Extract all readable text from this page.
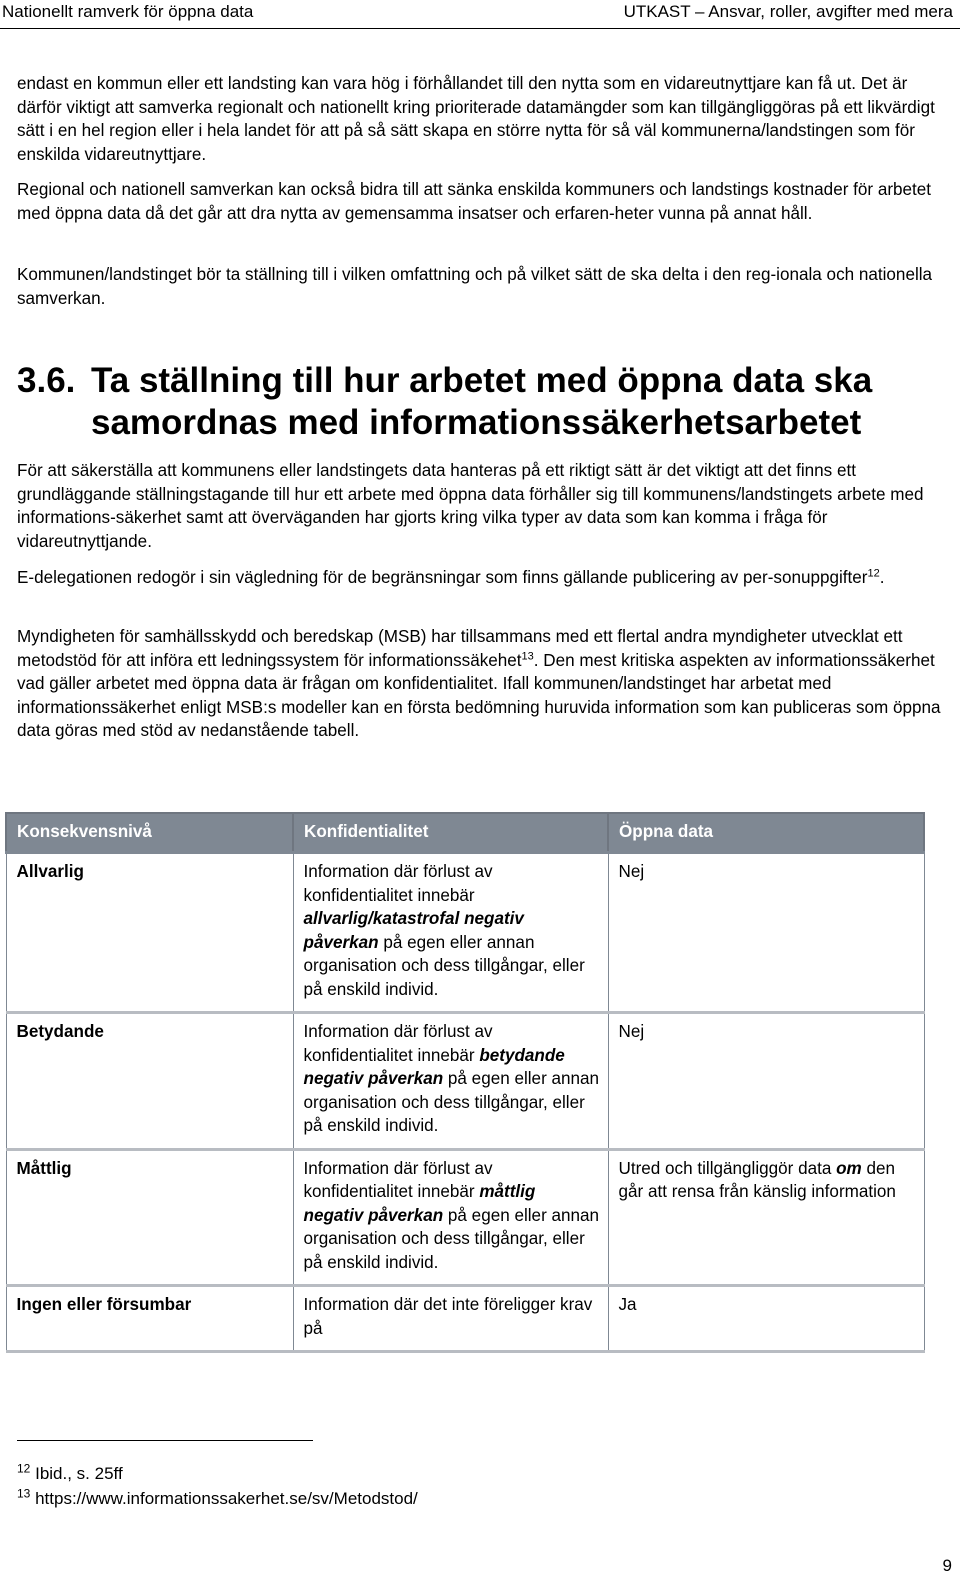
Nationellt ramverk för öppna data	UTKAST – Ansvar, roller, avgifter med mera

endast en kommun eller ett landsting kan vara hög i förhållandet till den nytta som en vidareutnyttjare kan få ut. Det är därför viktigt att samverka regionalt och nationellt kring prioriterade datamängder som kan tillgängliggöras på ett likvärdigt sätt i en hel region eller i hela landet för att på så sätt skapa en större nytta för så väl kommunerna/landstingen som för enskilda vidareutnyttjare.

Regional och nationell samverkan kan också bidra till att sänka enskilda kommuners och landstings kostnader för arbetet med öppna data då det går att dra nytta av gemensamma insatser och erfaren-heter vunna på annat håll.

Kommunen/landstinget bör ta ställning till i vilken omfattning och på vilket sätt de ska delta i den reg-ionala och nationella samverkan.

För att säkerställa att kommunens eller landstingets data hanteras på ett riktigt sätt är det viktigt att det finns ett grundläggande ställningstagande till hur ett arbete med öppna data förhåller sig till kommunens/landstingets arbete med informations-säkerhet samt att överväganden har gjorts kring vilka typer av data som kan komma i fråga för vidareutnyttjande.

E-delegationen redogör i sin vägledning för de begränsningar som finns gällande publicering av per-sonuppgifter$^{12}$.

Myndigheten för samhällsskydd och beredskap (MSB) har tillsammans med ett flertal andra myndigheter utvecklat ett metodstöd för att införa ett ledningssystem för informationssäkehet$^{13}$. Den mest kritiska aspekten av informationssäkerhet vad gäller arbetet med öppna data är frågan om konfidentialitet. Ifall kommunen/landstinget har arbetat med informationssäkerhet enligt MSB:s modeller kan en första bedömning huruvida information som kan publiceras som öppna data göras med stöd av nedanstående tabell.

3.6. Ta ställning till hur arbetet med öppna data ska samordnas med informationssäkerhetsarbetet
Konsekvensnivå	Konfidentialitet	Öppna data
Allvarlig	Information där förlust av konfidentialitet innebär allvarlig/katastrofal negativ påverkan på egen eller annan organisation och dess tillgångar, eller på enskild individ.	Nej
Betydande	Information där förlust av konfidentialitet innebär betydande negativ påverkan på egen eller annan organisation och dess tillgångar, eller på enskild individ.	Nej
Måttlig	Information där förlust av konfidentialitet innebär måttlig negativ påverkan på egen eller annan organisation och dess tillgångar, eller på enskild individ.	Utred och tillgängliggör data om den går att rensa från känslig information
Ingen eller försumbar	Information där det inte föreligger krav på	Ja
$^{12}$ Ibid., s. 25ff
$^{13}$ https://www.informationssakerhet.se/sv/Metodstod/
9
